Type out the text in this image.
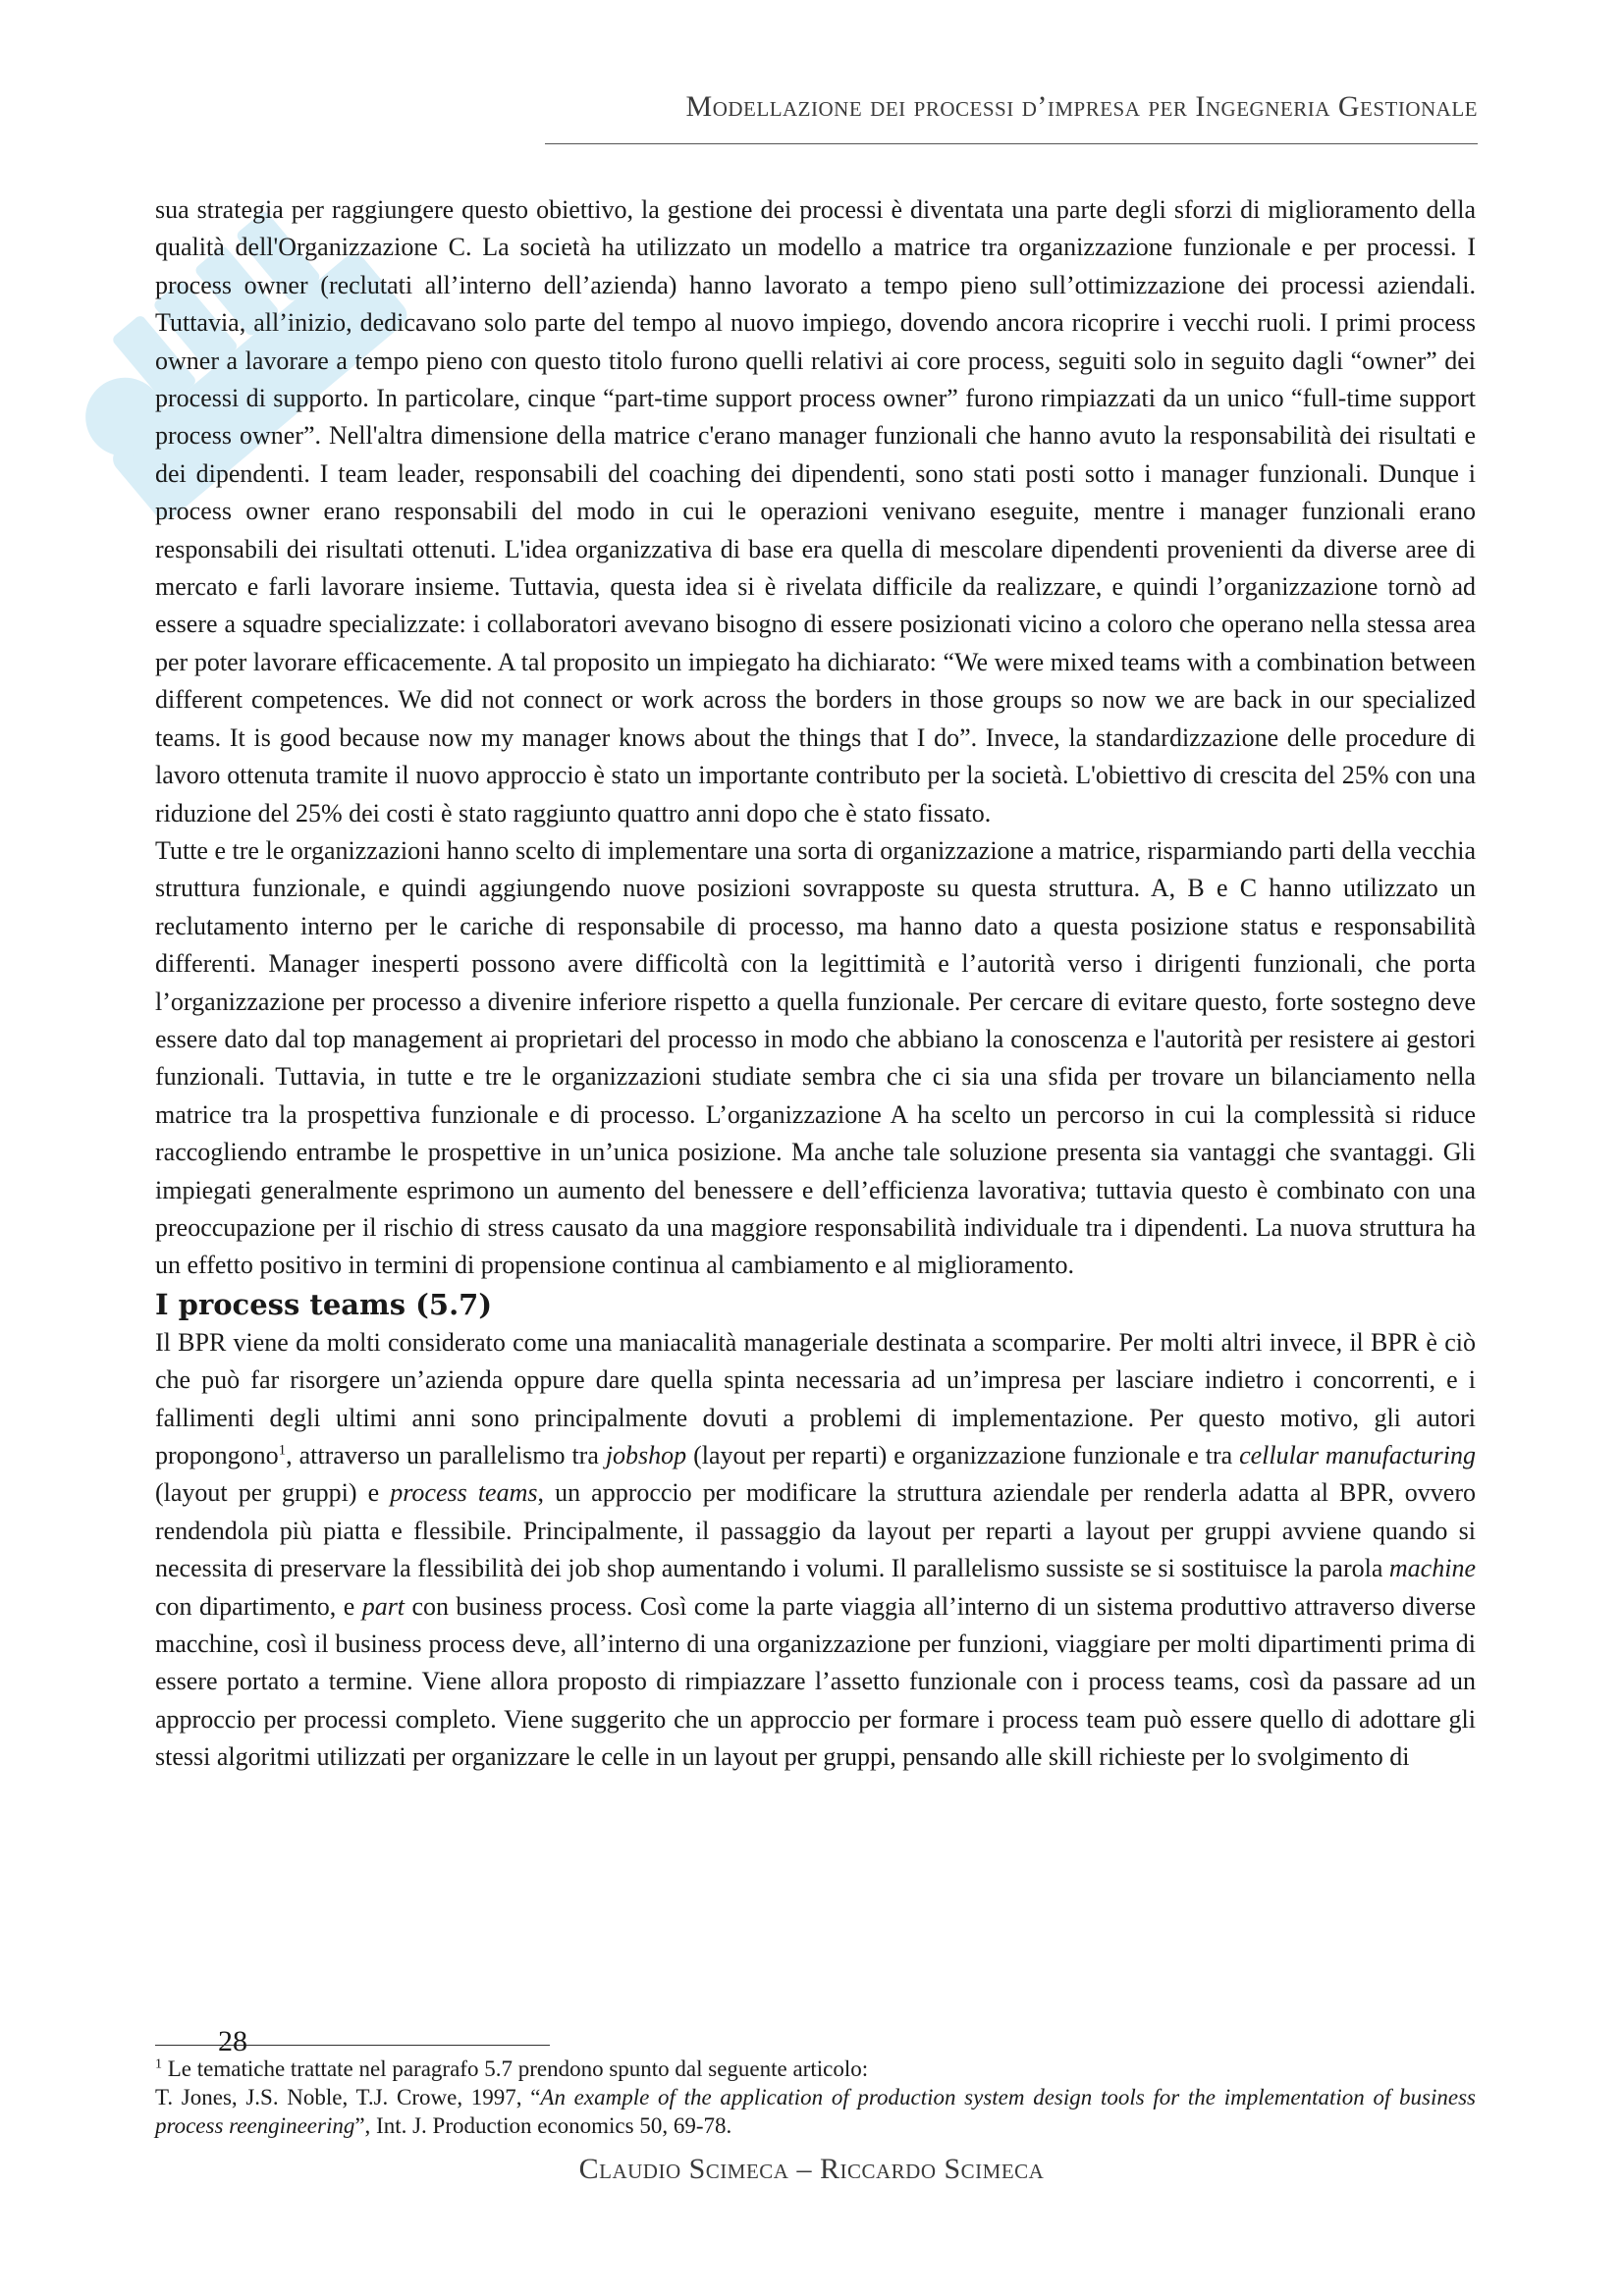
Modellazione dei processi d’impresa per Ingegneria Gestionale

sua strategia per raggiungere questo obiettivo, la gestione dei processi è diventata una parte degli sforzi di miglioramento della qualità dell'Organizzazione C. La società ha utilizzato un modello a matrice tra organizzazione funzionale e per processi. I process owner (reclutati all’interno dell’azienda) hanno lavorato a tempo pieno sull’ottimizzazione dei processi aziendali. Tuttavia, all’inizio, dedicavano solo parte del tempo al nuovo impiego, dovendo ancora ricoprire i vecchi ruoli. I primi process owner a lavorare a tempo pieno con questo titolo furono quelli relativi ai core process, seguiti solo in seguito dagli “owner” dei processi di supporto. In particolare, cinque “part-time support process owner” furono rimpiazzati da un unico “full-time support process owner”. Nell'altra dimensione della matrice c'erano manager funzionali che hanno avuto la responsabilità dei risultati e dei dipendenti. I team leader, responsabili del coaching dei dipendenti, sono stati posti sotto i manager funzionali. Dunque i process owner erano responsabili del modo in cui le operazioni venivano eseguite, mentre i manager funzionali erano responsabili dei risultati ottenuti. L'idea organizzativa di base era quella di mescolare dipendenti provenienti da diverse aree di mercato e farli lavorare insieme. Tuttavia, questa idea si è rivelata difficile da realizzare, e quindi l’organizzazione tornò ad essere a squadre specializzate: i collaboratori avevano bisogno di essere posizionati vicino a coloro che operano nella stessa area per poter lavorare efficacemente. A tal proposito un impiegato ha dichiarato: “We were mixed teams with a combination between different competences. We did not connect or work across the borders in those groups so now we are back in our specialized teams. It is good because now my manager knows about the things that I do”. Invece, la standardizzazione delle procedure di lavoro ottenuta tramite il nuovo approccio è stato un importante contributo per la società. L'obiettivo di crescita del 25% con una riduzione del 25% dei costi è stato raggiunto quattro anni dopo che è stato fissato.

Tutte e tre le organizzazioni hanno scelto di implementare una sorta di organizzazione a matrice, risparmiando parti della vecchia struttura funzionale, e quindi aggiungendo nuove posizioni sovrapposte su questa struttura. A, B e C hanno utilizzato un reclutamento interno per le cariche di responsabile di processo, ma hanno dato a questa posizione status e responsabilità differenti. Manager inesperti possono avere difficoltà con la legittimità e l’autorità verso i dirigenti funzionali, che porta l’organizzazione per processo a divenire inferiore rispetto a quella funzionale. Per cercare di evitare questo, forte sostegno deve essere dato dal top management ai proprietari del processo in modo che abbiano la conoscenza e l'autorità per resistere ai gestori funzionali. Tuttavia, in tutte e tre le organizzazioni studiate sembra che ci sia una sfida per trovare un bilanciamento nella matrice tra la prospettiva funzionale e di processo. L’organizzazione A ha scelto un percorso in cui la complessità si riduce raccogliendo entrambe le prospettive in un’unica posizione. Ma anche tale soluzione presenta sia vantaggi che svantaggi. Gli impiegati generalmente esprimono un aumento del benessere e dell’efficienza lavorativa; tuttavia questo è combinato con una preoccupazione per il rischio di stress causato da una maggiore responsabilità individuale tra i dipendenti. La nuova struttura ha un effetto positivo in termini di propensione continua al cambiamento e al miglioramento.

I process teams (5.7)

Il BPR viene da molti considerato come una maniacalità manageriale destinata a scomparire. Per molti altri invece, il BPR è ciò che può far risorgere un’azienda oppure dare quella spinta necessaria ad un’impresa per lasciare indietro i concorrenti, e i fallimenti degli ultimi anni sono principalmente dovuti a problemi di implementazione. Per questo motivo, gli autori propongono$^1$, attraverso un parallelismo tra jobshop (layout per reparti) e organizzazione funzionale e tra cellular manufacturing (layout per gruppi) e process teams, un approccio per modificare la struttura aziendale per renderla adatta al BPR, ovvero rendendola più piatta e flessibile. Principalmente, il passaggio da layout per reparti a layout per gruppi avviene quando si necessita di preservare la flessibilità dei job shop aumentando i volumi. Il parallelismo sussiste se si sostituisce la parola machine con dipartimento, e part con business process. Così come la parte viaggia all’interno di un sistema produttivo attraverso diverse macchine, così il business process deve, all’interno di una organizzazione per funzioni, viaggiare per molti dipartimenti prima di essere portato a termine. Viene allora proposto di rimpiazzare l’assetto funzionale con i process teams, così da passare ad un approccio per processi completo. Viene suggerito che un approccio per formare i process team può essere quello di adottare gli stessi algoritmi utilizzati per organizzare le celle in un layout per gruppi, pensando alle skill richieste per lo svolgimento di

28

$^1$ Le tematiche trattate nel paragrafo 5.7 prendono spunto dal seguente articolo:

T. Jones, J.S. Noble, T.J. Crowe, 1997, “An example of the application of production system design tools for the implementation of business process reengineering”, Int. J. Production economics 50, 69-78.

Claudio Scimeca – Riccardo Scimeca
